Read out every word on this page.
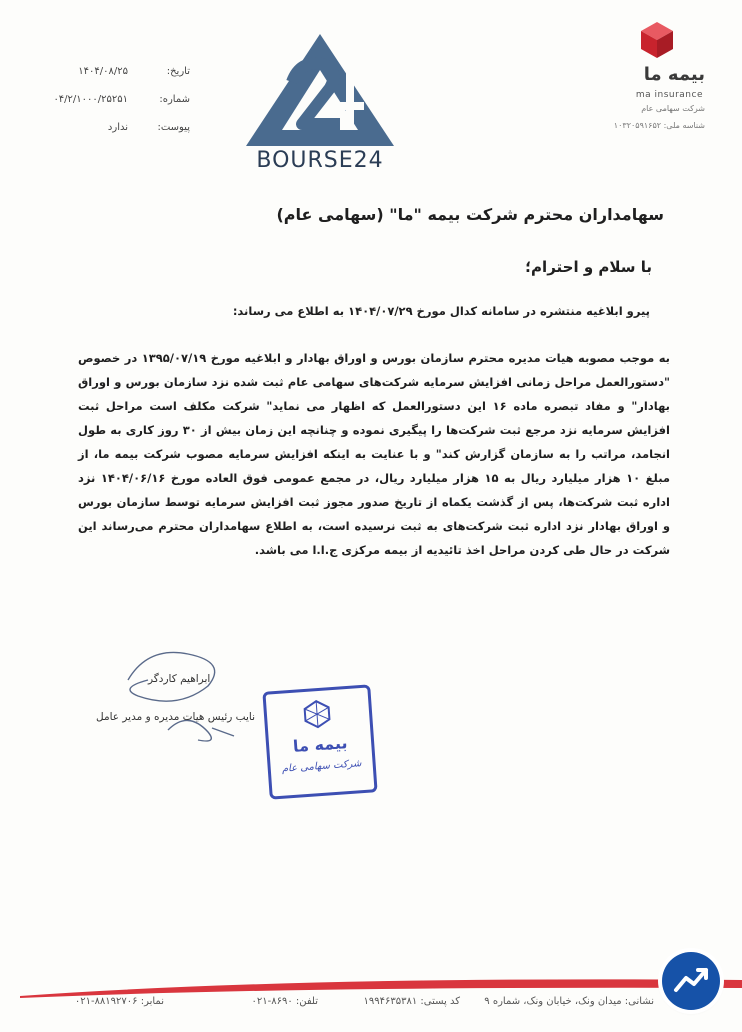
تاریخ:
۱۴۰۴/۰۸/۲۵
شماره:
۰۴/۲/۱۰۰۰/۲۵۲۵۱
پیوست:
ندارد
BOURSE24
بیمه ما
ma insurance
شرکت سهامی عام
شناسه ملی: ۱۰۳۲۰۵۹۱۶۵۲
سهامداران محترم شرکت بیمه "ما" (سهامی عام)
با سلام و احترام؛
پیرو ابلاغیه منتشره در سامانه کدال مورخ ۱۴۰۴/۰۷/۲۹ به اطلاع می رساند:
به موجب مصوبه هیات مدیره محترم سازمان بورس و اوراق بهادار و ابلاغیه مورخ ۱۳۹۵/۰۷/۱۹ در خصوص "دستورالعمل مراحل زمانی افزایش سرمایه شرکت‌های سهامی عام ثبت شده نزد سازمان بورس و اوراق بهادار" و مفاد تبصره ماده ۱۶ این دستورالعمل که اظهار می نماید" شرکت مکلف است مراحل ثبت افزایش سرمایه نزد مرجع ثبت شرکت‌ها را پیگیری نموده و چنانچه این زمان بیش از ۳۰ روز کاری به طول انجامد، مراتب را به سازمان گزارش کند" و با عنایت به اینکه افزایش سرمایه مصوب شرکت بیمه ما، از مبلغ ۱۰ هزار میلیارد ریال به ۱۵ هزار میلیارد ریال، در مجمع عمومی فوق العاده مورخ ۱۴۰۴/۰۶/۱۶ نزد اداره ثبت شرکت‌ها، پس از گذشت یکماه از تاریخ صدور مجوز ثبت افزایش سرمایه توسط سازمان بورس و اوراق بهادار نزد اداره ثبت شرکت‌های به ثبت نرسیده است، به اطلاع سهامداران محترم می‌رساند این شرکت در حال طی کردن مراحل اخذ تائیدیه از بیمه مرکزی ج.ا.ا می باشد.
ابراهیم کاردگر
نایب رئیس هیات مدیره و مدیر عامل
بیمه ما
شرکت سهامی عام
نشانی: میدان ونک، خیابان ونک، شماره ۹
کد پستی: ۱۹۹۴۶۳۵۳۸۱
تلفن: ۸۶۹۰-۰۲۱
نمابر: ۸۸۱۹۲۷۰۶-۰۲۱
